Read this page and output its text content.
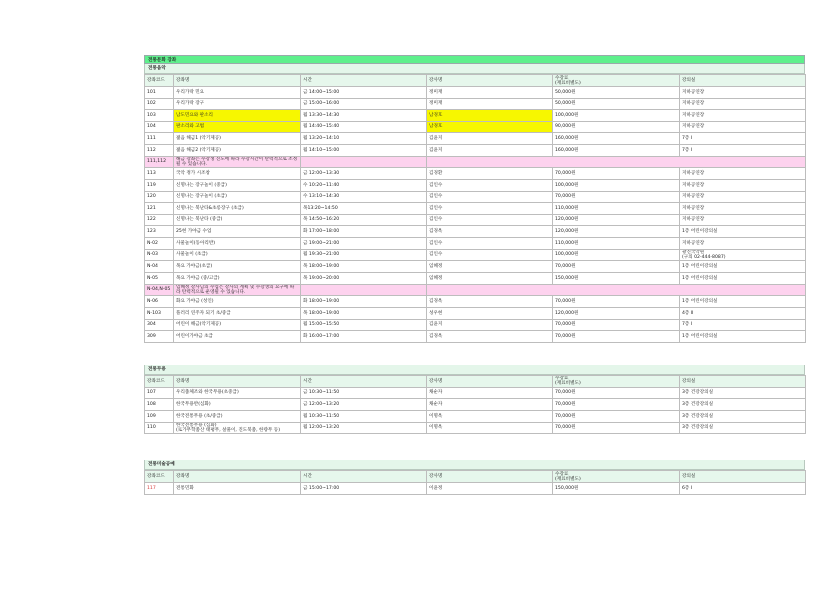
전통문화 강좌
전통음악
강좌코드	강좌명	시간	강사명	수강료
(재료비별도)	강의실
101	우리가락 민요	금 14:00~15:00	정미재	50,000원	지하공연장
102	우리가락 장구	금 15:00~16:00	정미재	50,000원	지하공연장
103	남도민요와 판소리	월 13:30~14:30	남경호	100,000원	지하공연장
104	판소리와 고법	월 14:40~15:40	남경호	90,000원	지하공연장
111	젊음 해금1 (악기제공)	월 13:20~14:10	김윤지	160,000원	7층 Ⅰ
112	젊음 해금2 (악기제공)	월 14:10~15:00	김윤지	160,000원	7층 Ⅰ
111,112	해금 강좌는 수강생 진도에 따라 수강시간이 탄력적으로 조정될 수 있습니다.				
113	국악 정가 시조창	금 12:00~13:30	김경환	70,000원	지하공연장
119	신명나는 장구놀이 (중급)	수 10:20~11:40	김인수	100,000원	지하공연장
120	신명나는 장구놀이 (초급)	수 13:10~14:30	김인수	70,000원	지하공연장
121	신명나는 북난타&초롱장구 (초급)	목13:20~14:50	김인수	110,000원	지하공연장
122	신명나는 북난타 (중급)	목 14:50~16:20	김인수	120,000원	지하공연장
123	25현 가야금 수업	화 17:00~18:00	김경옥	120,000원	1층 어린이강의실
N-02	사물놀이(동아리반)	금 19:00~21:00	김인수	110,000원	지하공연장
N-03	사물놀이 (초급)	월 19:30~21:00	김인수	100,000원	광진국악원
(구의 02-444-8087)

N-04	목요 가야금(초급)	목 18:00~19:00	임혜정	70,000원	1층 어린이강의실
N-05	목요 가야금 (중/고급)	목 19:00~20:00	임혜정	150,000원	1층 어린이강의실
N-04,N-05	임혜정 강사님의 수업은 강사의 계획 및 수강생의 요구에 따라 탄력적으로 운영될 수 있습니다.				
N-06	화요 가야금 (성인)	화 18:00~19:00	김경옥	70,000원	1층 어린이강의실
N-103	플러리 연주자 되기 초/중급	목 18:00~19:00	성우현	120,000원	4층 Ⅱ
304	어린이 해금(악기제공)	월 15:00~15:50	김윤지	70,000원	7층 Ⅰ
309	어린이가야금 초급	화 16:00~17:00	김경옥	70,000원	1층 어린이강의실
전통무용
강좌코드	강좌명	시간	강사명	수강료
(재료비별도)	강의실
107	우리춤체조와 한국무용(초중급)	금 10:30~11:50	채순자	70,000원	3층 건강강의실
108	한국무용반(심화)	금 12:00~13:20	채순자	70,000원	3층 건강강의실
109	한국전통무용 (초/중급)	월 10:30~11:50	이명옥	70,000원	3층 건강강의실
110	한국전통무용 (심화)
(로가무학춤산 태평무, 살풀이, 진도북춤, 한량무 등)	월 12:00~13:20	이명옥	70,000원	3층 건강강의실
전통미술공예
강좌코드	강좌명	시간	강사명	수강료
(재료비별도)	강의실
117	전통민화	금 15:00~17:00	이윤정	150,000원	6층 Ⅰ
